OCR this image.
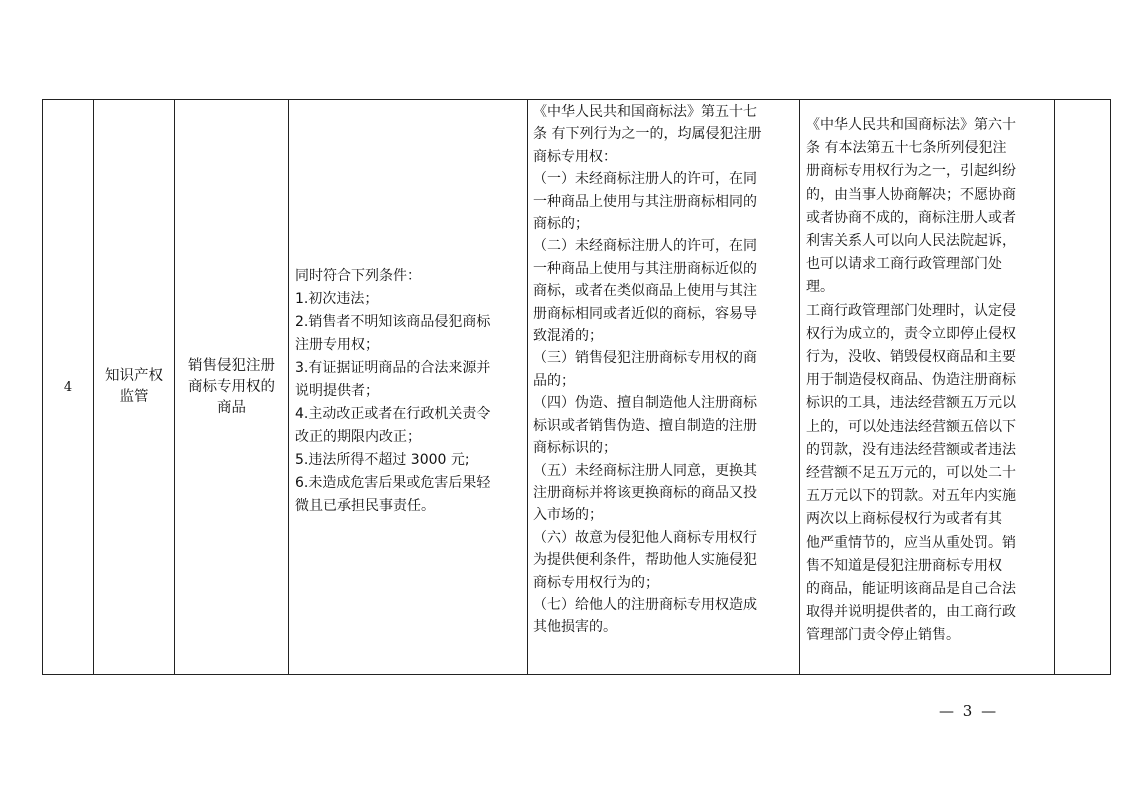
4	
知识产权
监管

销售侵犯注册
商标专用权的
商品

同时符合下列条件：
1.初次违法；
2.销售者不明知该商品侵犯商标
注册专用权；
3.有证据证明商品的合法来源并
说明提供者；
4.主动改正或者在行政机关责令
改正的期限内改正；
5.违法所得不超过 3000 元;
6.未造成危害后果或危害后果轻
微且已承担民事责任。

《中华人民共和国商标法》第五十七
条 有下列行为之一的，均属侵犯注册
商标专用权：
（一）未经商标注册人的许可，在同
一种商品上使用与其注册商标相同的
商标的；
（二）未经商标注册人的许可，在同
一种商品上使用与其注册商标近似的
商标，或者在类似商品上使用与其注
册商标相同或者近似的商标，容易导
致混淆的；
（三）销售侵犯注册商标专用权的商
品的；
（四）伪造、擅自制造他人注册商标
标识或者销售伪造、擅自制造的注册
商标标识的；
（五）未经商标注册人同意，更换其
注册商标并将该更换商标的商品又投
入市场的；
（六）故意为侵犯他人商标专用权行
为提供便利条件，帮助他人实施侵犯
商标专用权行为的；
（七）给他人的注册商标专用权造成
其他损害的。

《中华人民共和国商标法》第六十
条 有本法第五十七条所列侵犯注
册商标专用权行为之一，引起纠纷
的，由当事人协商解决；不愿协商
或者协商不成的，商标注册人或者
利害关系人可以向人民法院起诉，
也可以请求工商行政管理部门处
理。
工商行政管理部门处理时，认定侵
权行为成立的，责令立即停止侵权
行为，没收、销毁侵权商品和主要
用于制造侵权商品、伪造注册商标
标识的工具，违法经营额五万元以
上的，可以处违法经营额五倍以下
的罚款，没有违法经营额或者违法
经营额不足五万元的，可以处二十
五万元以下的罚款。对五年内实施
两次以上商标侵权行为或者有其
他严重情节的，应当从重处罚。销
售不知道是侵犯注册商标专用权
的商品，能证明该商品是自己合法
取得并说明提供者的，由工商行政
管理部门责令停止销售。

— 3 —
